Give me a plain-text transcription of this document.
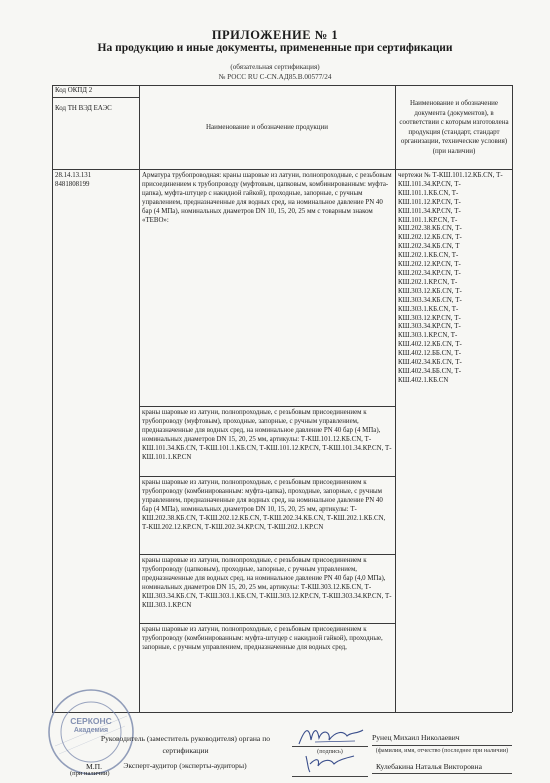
ПРИЛОЖЕНИЕ № 1
На продукцию и иные документы, примененные при сертификации
(обязательная сертификация)
№ РОСС RU C-CN.АД85.В.00577/24
Код ОКПД 2
Код ТН ВЭД ЕАЭС
Наименование и обозначение продукции
Наименование и обозначение документа (документов), в соответствии с которым изготовлена продукция (стандарт, стандарт организации, технические условия) (при наличии)
28.14.13.131
8481808199
Арматура трубопроводная: краны шаровые из латуни, полнопроходные, с резьбовым присоединением к трубопроводу (муфтовым, цапковым, комбинированным: муфта-цапка), муфта-штуцер с накидной гайкой), проходные, запорные, с ручным управлением, предназначенные для водных сред, на номинальное давление PN 40 бар (4 МПа), номинальных диаметров DN 10, 15, 20, 25 мм с товарным знаком «ТЕВО»:
чертежи № Т-КШ.101.12.КБ.CN, Т-КШ.101.34.КР.CN, Т-КШ.101.1.КБ.CN, Т-КШ.101.12.КР.CN, Т-КШ.101.34.КР.CN, Т-КШ.101.1.КР.CN, Т-КШ.202.38.КБ.CN, Т-КШ.202.12.КБ.CN, Т-КШ.202.34.КБ.CN, Т КШ.202.1.КБ.CN, Т-КШ.202.12.КР.CN, Т-КШ.202.34.КР.CN, Т-КШ.202.1.КР.CN, Т-КШ.303.12.КБ.CN, Т-КШ.303.34.КБ.CN, Т-КШ.303.1.КБ.CN, Т-КШ.303.12.КР.CN, Т-КШ.303.34.КР.CN, Т-КШ.303.1.КР.CN, Т-КШ.402.12.КБ.CN, Т-КШ.402.12.ББ.CN, Т-КШ.402.34.КБ.CN, Т-КШ.402.34.ББ.CN, Т-КШ.402.1.КБ.CN
краны шаровые из латуни, полнопроходные, с резьбовым присоединением к трубопроводу (муфтовым), проходные, запорные, с ручным управлением, предназначенные для водных сред, на номинальное давление PN 40 бар (4 МПа), номинальных диаметров DN 15, 20, 25 мм, артикулы: Т-КШ.101.12.КБ.CN, Т-КШ.101.34.КБ.CN, Т-КШ.101.1.КБ.CN, Т-КШ.101.12.КР.CN, Т-КШ.101.34.КР.CN, Т-КШ.101.1.КР.CN
краны шаровые из латуни, полнопроходные, с резьбовым присоединением к трубопроводу (комбинированным: муфта-цапка), проходные, запорные, с ручным управлением, предназначенные для водных сред, на номинальное давление PN 40 бар (4 МПа), номинальных диаметров DN 10, 15, 20, 25 мм, артикулы: Т-КШ.202.38.КБ.CN, Т-КШ.202.12.КБ.CN, Т-КШ.202.34.КБ.CN, Т-КШ.202.1.КБ.CN, Т-КШ.202.12.КР.CN, Т-КШ.202.34.КР.CN, Т-КШ.202.1.КР.CN
краны шаровые из латуни, полнопроходные, с резьбовым присоединением к трубопроводу (цапковым), проходные, запорные, с ручным управлением, предназначенные для водных сред, на номинальное давление PN 40 бар (4,0 МПа), номинальных диаметров DN 15, 20, 25 мм, артикулы: Т-КШ.303.12.КБ.CN, Т-КШ.303.34.КБ.CN, Т-КШ.303.1.КБ.CN, Т-КШ.303.12.КР.CN, Т-КШ.303.34.КР.CN, Т-КШ.303.1.КР.CN
краны шаровые из латуни, полнопроходные, с резьбовым присоединением к трубопроводу (комбинированным: муфта-штуцер с накидной гайкой), проходные, запорные, с ручным управлением, предназначенные для водных сред,
СЕРКОНС
Академия
Руководитель (заместитель руководителя) органа по сертификации	(подпись)
Рунец Михаил Николаевич
(фамилия, имя, отчество (последнее при наличии)
Эксперт-аудитор (эксперты-аудиторы)	Кулебакина Наталья Викторовна
М.П.
(при наличии)
